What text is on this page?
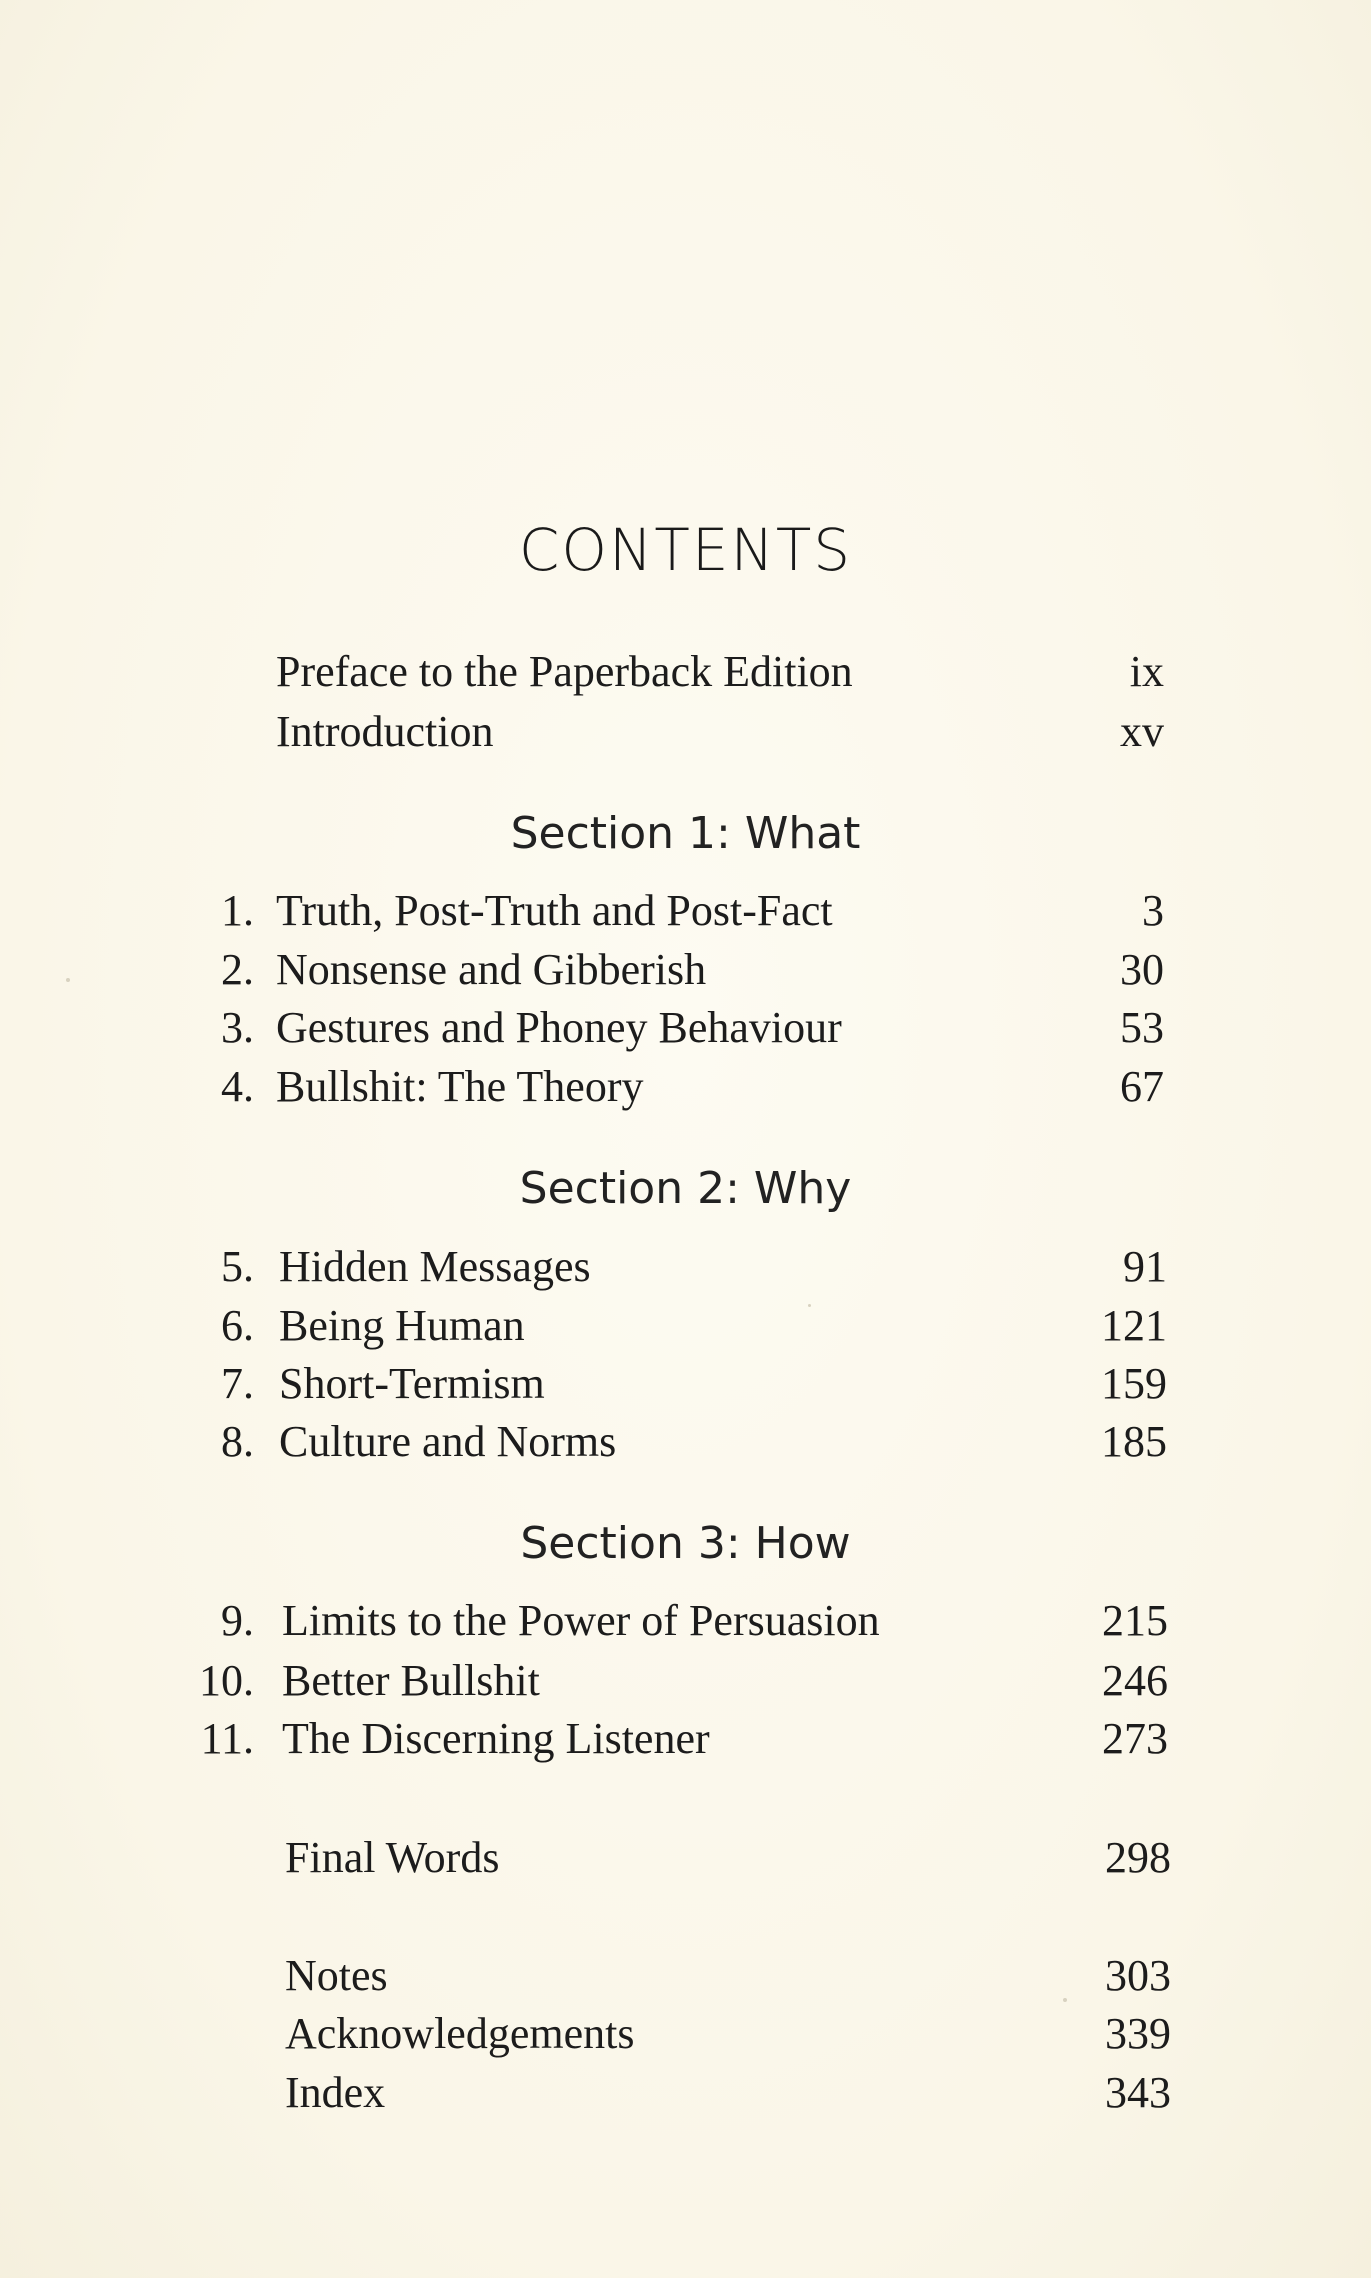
CONTENTS
Preface to the Paperback Edition	ix
Introduction	xv
Section 1: What
1. Truth, Post-Truth and Post-Fact	3
2. Nonsense and Gibberish	30
3. Gestures and Phoney Behaviour	53
4. Bullshit: The Theory	67
Section 2: Why
5. Hidden Messages	91
6. Being Human	121
7. Short-Termism	159
8. Culture and Norms	185
Section 3: How
9. Limits to the Power of Persuasion	215
10. Better Bullshit	246
11. The Discerning Listener	273
Final Words	298
Notes	303
Acknowledgements	339
Index	343
